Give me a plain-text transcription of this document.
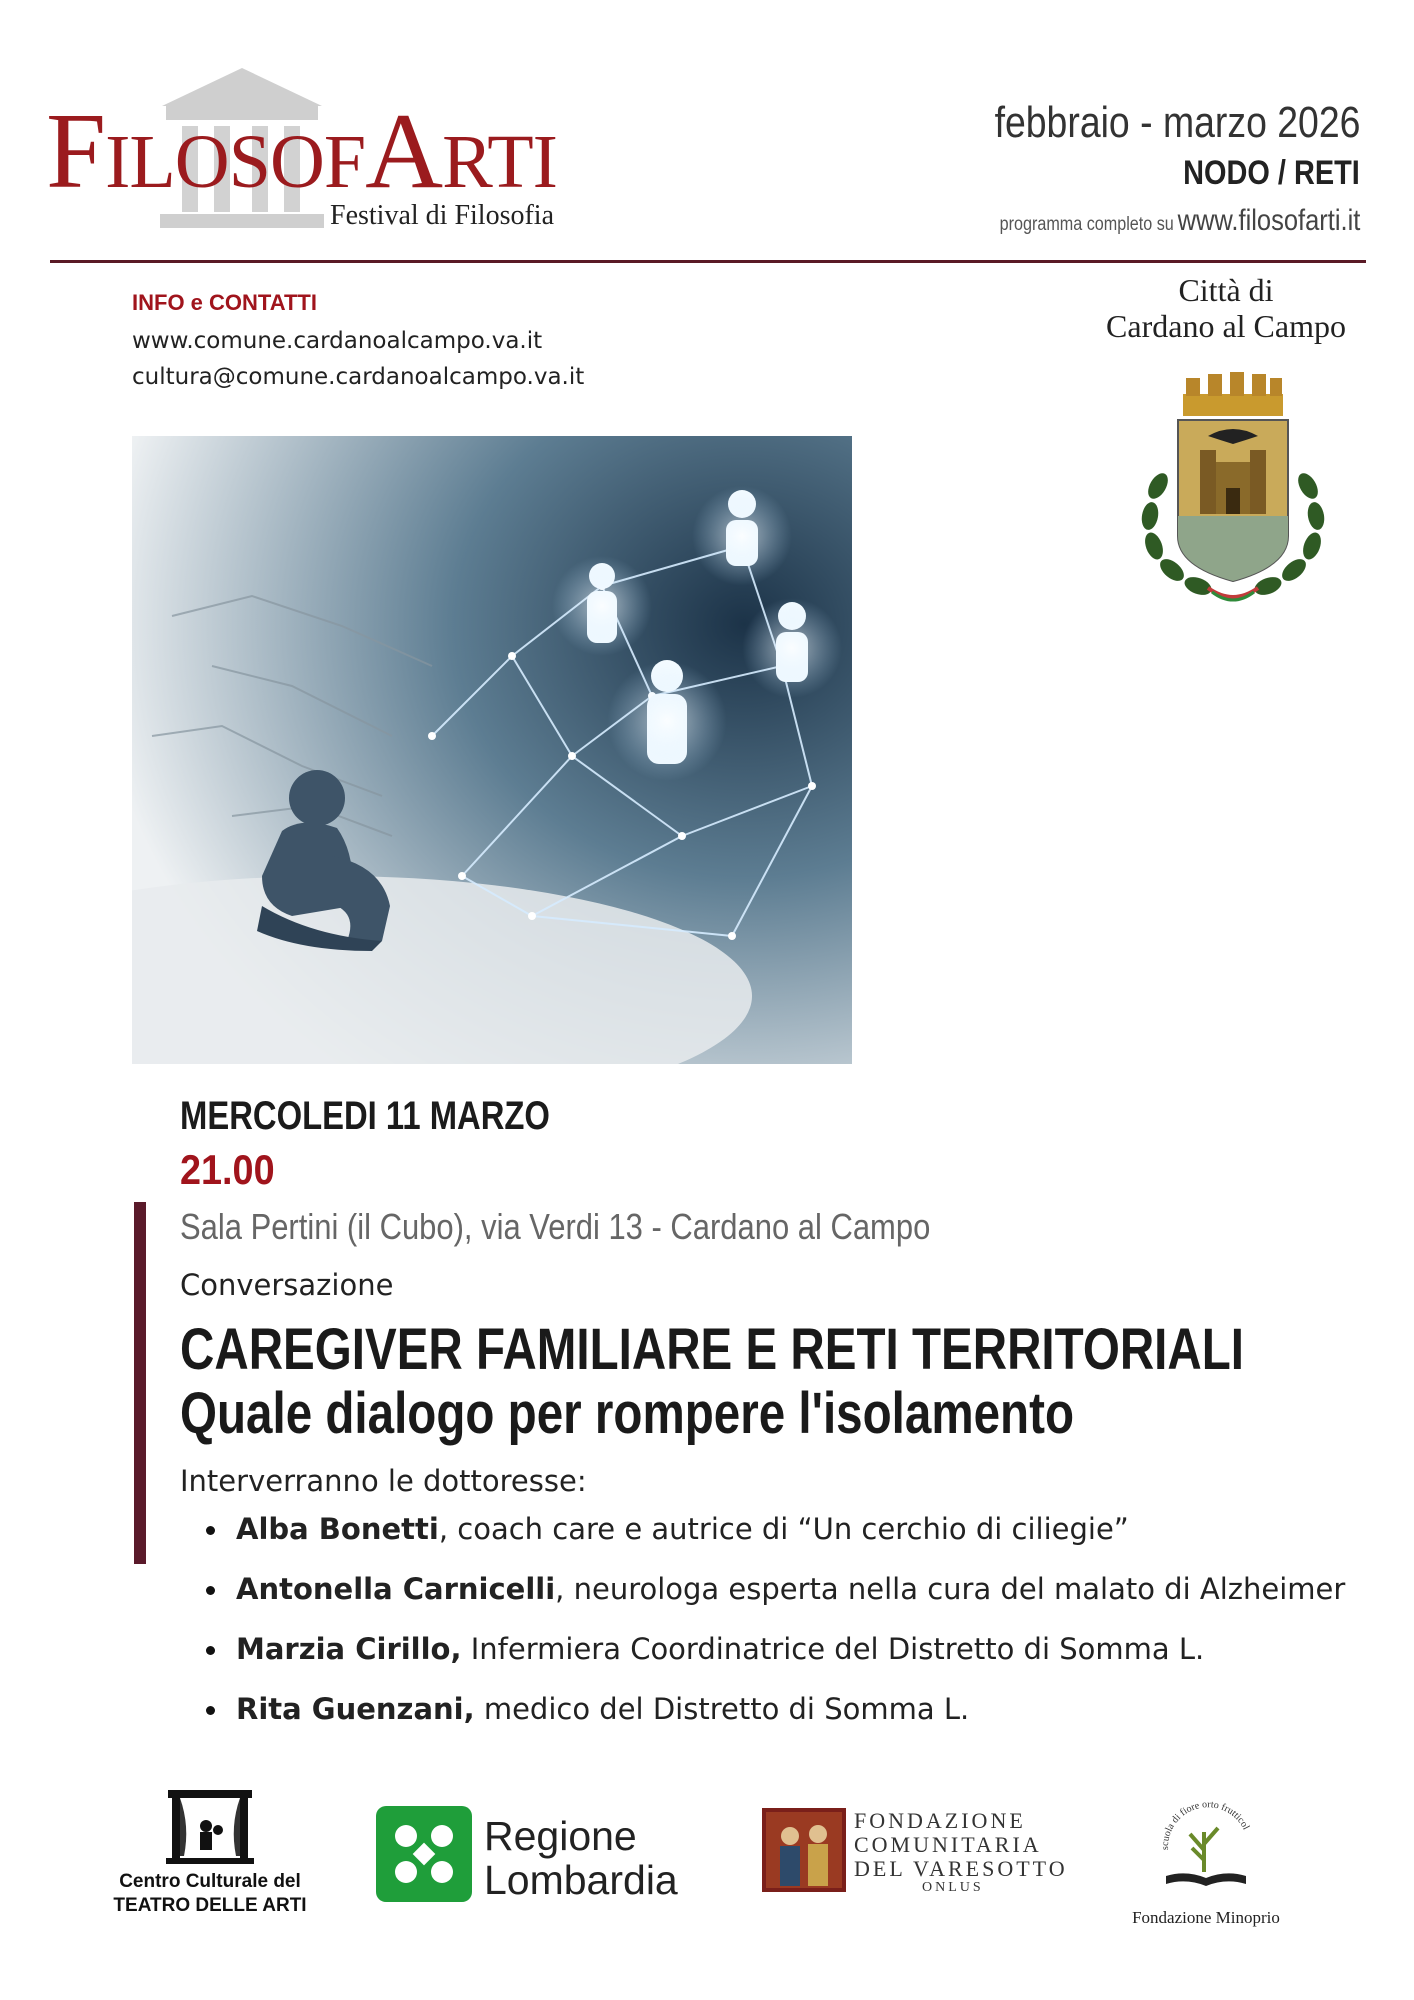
FILOSOFARTI
Festival di Filosofia
febbraio - marzo 2026
NODO / RETI
programma completo su www.filosofarti.it
INFO e CONTATTI
www.comune.cardanoalcampo.va.it
cultura@comune.cardanoalcampo.va.it
Città di
Cardano al Campo
MERCOLEDI 11 MARZO
21.00
Sala Pertini (il Cubo), via Verdi 13 - Cardano al Campo
Conversazione
CAREGIVER FAMILIARE E RETI TERRITORIALI
Quale dialogo per rompere l'isolamento
Interverranno le dottoresse:
Alba Bonetti, coach care e autrice di “Un cerchio di ciliegie”
Antonella Carnicelli, neurologa esperta nella cura del malato di Alzheimer
Marzia Cirillo, Infermiera Coordinatrice del Distretto di Somma L.
Rita Guenzani, medico del Distretto di Somma L.
Centro Culturale del
TEATRO DELLE ARTI
Regione
Lombardia
FONDAZIONE
COMUNITARIA
DEL VARESOTTO
ONLUS
scuola di fiore orto frutticol
Fondazione Minoprio
